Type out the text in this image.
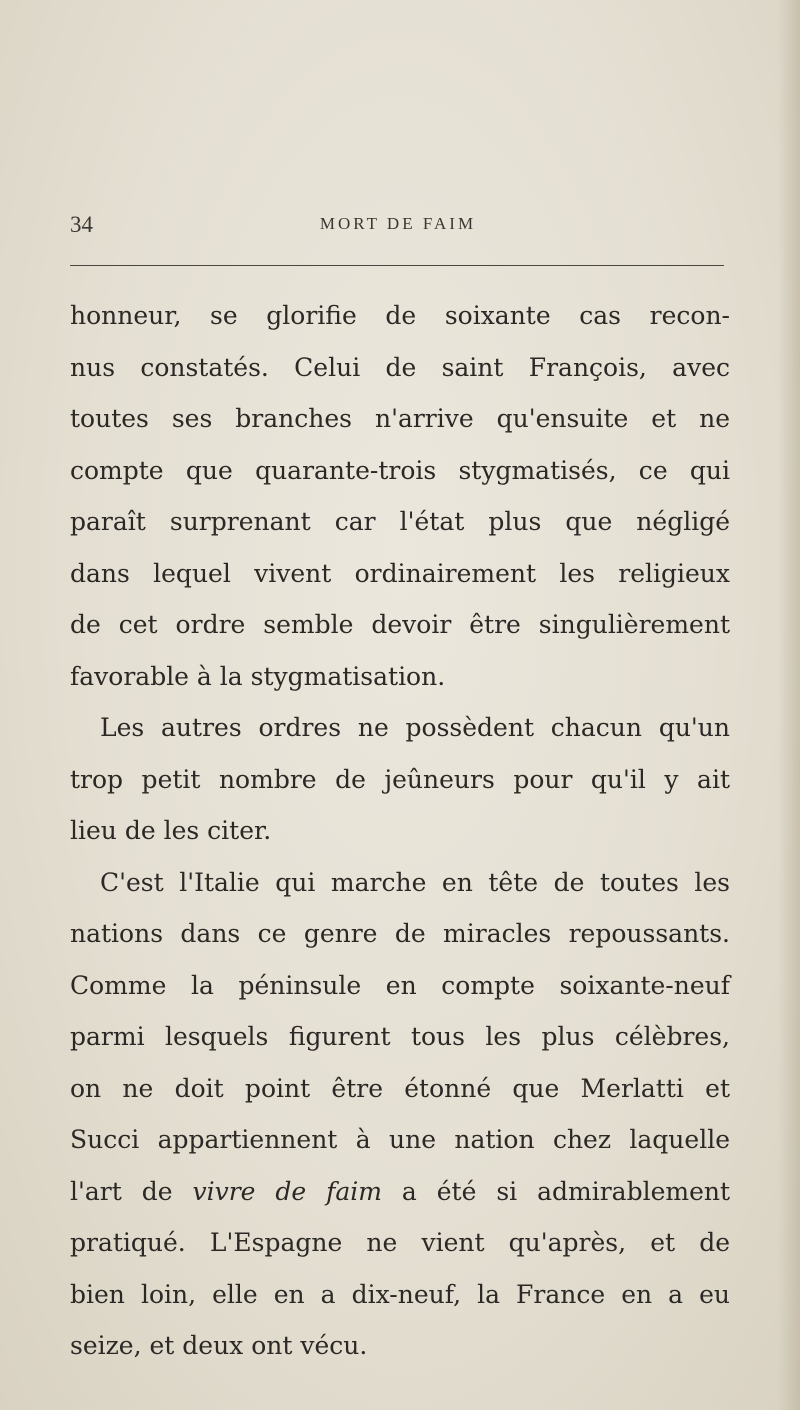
34	MORT DE FAIM
honneur, se glorifie de soixante cas recon-
nus constatés. Celui de saint François, avec
toutes ses branches n'arrive qu'ensuite et ne
compte que quarante-trois stygmatisés, ce qui
paraît surprenant car l'état plus que négligé
dans lequel vivent ordinairement les religieux
de cet ordre semble devoir être singulièrement
favorable à la stygmatisation.
Les autres ordres ne possèdent chacun qu'un
trop petit nombre de jeûneurs pour qu'il y ait
lieu de les citer.
C'est l'Italie qui marche en tête de toutes les
nations dans ce genre de miracles repoussants.
Comme la péninsule en compte soixante-neuf
parmi lesquels figurent tous les plus célèbres,
on ne doit point être étonné que Merlatti et
Succi appartiennent à une nation chez laquelle
l'art de vivre de faim a été si admirablement
pratiqué. L'Espagne ne vient qu'après, et de
bien loin, elle en a dix-neuf, la France en a eu
seize, et deux ont vécu.
